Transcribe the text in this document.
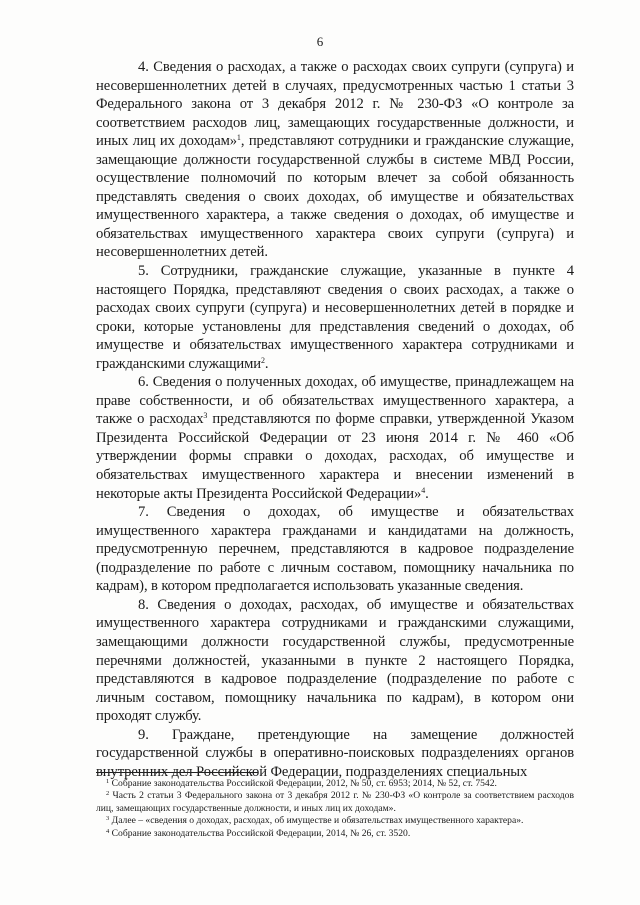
6

4. Сведения о расходах, а также о расходах своих супруги (супруга) и несовершеннолетних детей в случаях, предусмотренных частью 1 статьи 3 Федерального закона от 3 декабря 2012 г. № 230-ФЗ «О контроле за соответствием расходов лиц, замещающих государственные должности, и иных лиц их доходам»$^1$, представляют сотрудники и гражданские служащие, замещающие должности государственной службы в системе МВД России, осуществление полномочий по которым влечет за собой обязанность представлять сведения о своих доходах, об имуществе и обязательствах имущественного характера, а также сведения о доходах, об имуществе и обязательствах имущественного характера своих супруги (супруга) и несовершеннолетних детей.

5. Сотрудники, гражданские служащие, указанные в пункте 4 настоящего Порядка, представляют сведения о своих расходах, а также о расходах своих супруги (супруга) и несовершеннолетних детей в порядке и сроки, которые установлены для представления сведений о доходах, об имуществе и обязательствах имущественного характера сотрудниками и гражданскими служащими$^2$.

6. Сведения о полученных доходах, об имуществе, принадлежащем на праве собственности, и об обязательствах имущественного характера, а также о расходах$^3$ представляются по форме справки, утвержденной Указом Президента Российской Федерации от 23 июня 2014 г. № 460 «Об утверждении формы справки о доходах, расходах, об имуществе и обязательствах имущественного характера и внесении изменений в некоторые акты Президента Российской Федерации»$^4$.

7. Сведения о доходах, об имуществе и обязательствах имущественного характера гражданами и кандидатами на должность, предусмотренную перечнем, представляются в кадровое подразделение (подразделение по работе с личным составом, помощнику начальника по кадрам), в котором предполагается использовать указанные сведения.

8. Сведения о доходах, расходах, об имуществе и обязательствах имущественного характера сотрудниками и гражданскими служащими, замещающими должности государственной службы, предусмотренные перечнями должностей, указанными в пункте 2 настоящего Порядка, представляются в кадровое подразделение (подразделение по работе с личным составом, помощнику начальника по кадрам), в котором они проходят службу.

9. Граждане, претендующие на замещение должностей государственной службы в оперативно-поисковых подразделениях органов внутренних дел Российской Федерации, подразделениях специальных

$^1$ Собрание законодательства Российской Федерации, 2012, № 50, ст. 6953; 2014, № 52, ст. 7542.

$^2$ Часть 2 статьи 3 Федерального закона от 3 декабря 2012 г. № 230-ФЗ «О контроле за соответствием расходов лиц, замещающих государственные должности, и иных лиц их доходам».

$^3$ Далее – «сведения о доходах, расходах, об имуществе и обязательствах имущественного характера».

$^4$ Собрание законодательства Российской Федерации, 2014, № 26, ст. 3520.
